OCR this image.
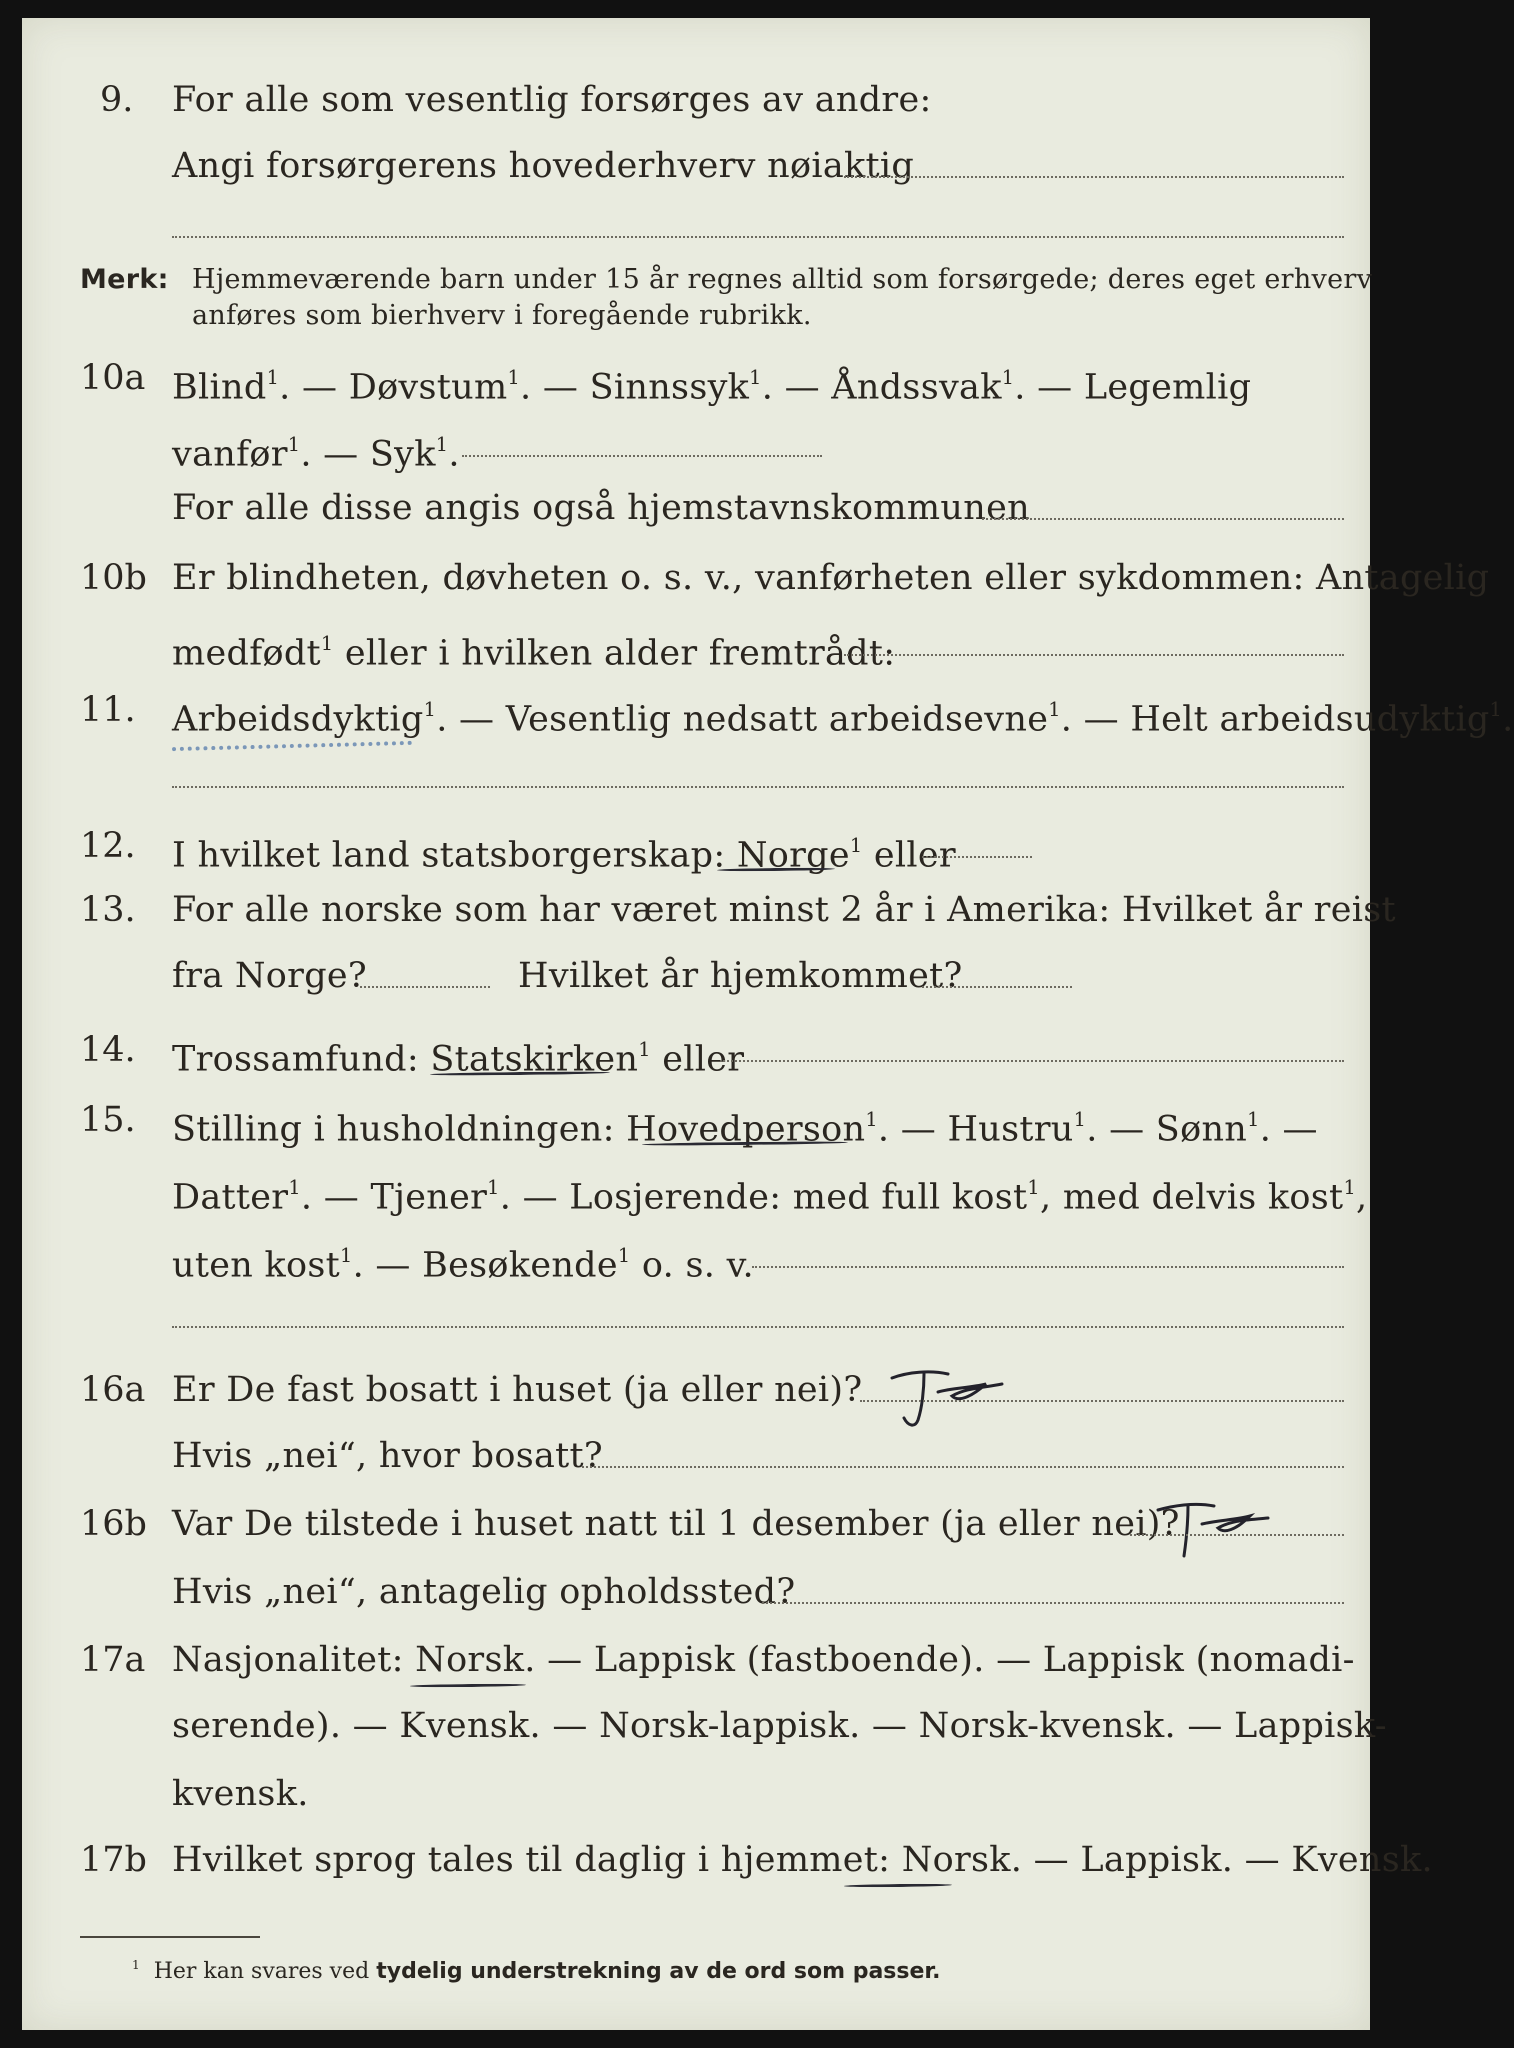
9. For alle som vesentlig forsørges av andre:
Angi forsørgerens hovederhverv nøiaktig
Merk: Hjemmeværende barn under 15 år regnes alltid som forsørgede; deres eget erhverv
anføres som bierhverv i foregående rubrikk.
10a Blind$^1$. — Døvstum$^1$. — Sinnssyk$^1$. — Åndssvak$^1$. — Legemlig
vanfør$^1$. — Syk$^1$.
For alle disse angis også hjemstavnskommunen
10b Er blindheten, døvheten o. s. v., vanførheten eller sykdommen: Antagelig
medfødt$^1$ eller i hvilken alder fremtrådt:
11. Arbeidsdyktig$^1$. — Vesentlig nedsatt arbeidsevne$^1$. — Helt arbeidsudyktig$^1$.
12. I hvilket land statsborgerskap: Norge$^1$ eller
13. For alle norske som har været minst 2 år i Amerika: Hvilket år reist
fra Norge?	Hvilket år hjemkommet?
14. Trossamfund: Statskirken$^1$ eller
15. Stilling i husholdningen: Hovedperson$^1$. — Hustru$^1$. — Sønn$^1$. —
Datter$^1$. — Tjener$^1$. — Losjerende: med full kost$^1$, med delvis kost$^1$,
uten kost$^1$. — Besøkende$^1$ o. s. v.
16a Er De fast bosatt i huset (ja eller nei)?
Hvis „nei“, hvor bosatt?
16b Var De tilstede i huset natt til 1 desember (ja eller nei)?
Hvis „nei“, antagelig opholdssted?
17a Nasjonalitet: Norsk. — Lappisk (fastboende). — Lappisk (nomadi-
serende). — Kvensk. — Norsk-lappisk. — Norsk-kvensk. — Lappisk-
kvensk.
17b Hvilket sprog tales til daglig i hjemmet: Norsk. — Lappisk. — Kvensk.
$^1$ Her kan svares ved tydelig understrekning av de ord som passer.
